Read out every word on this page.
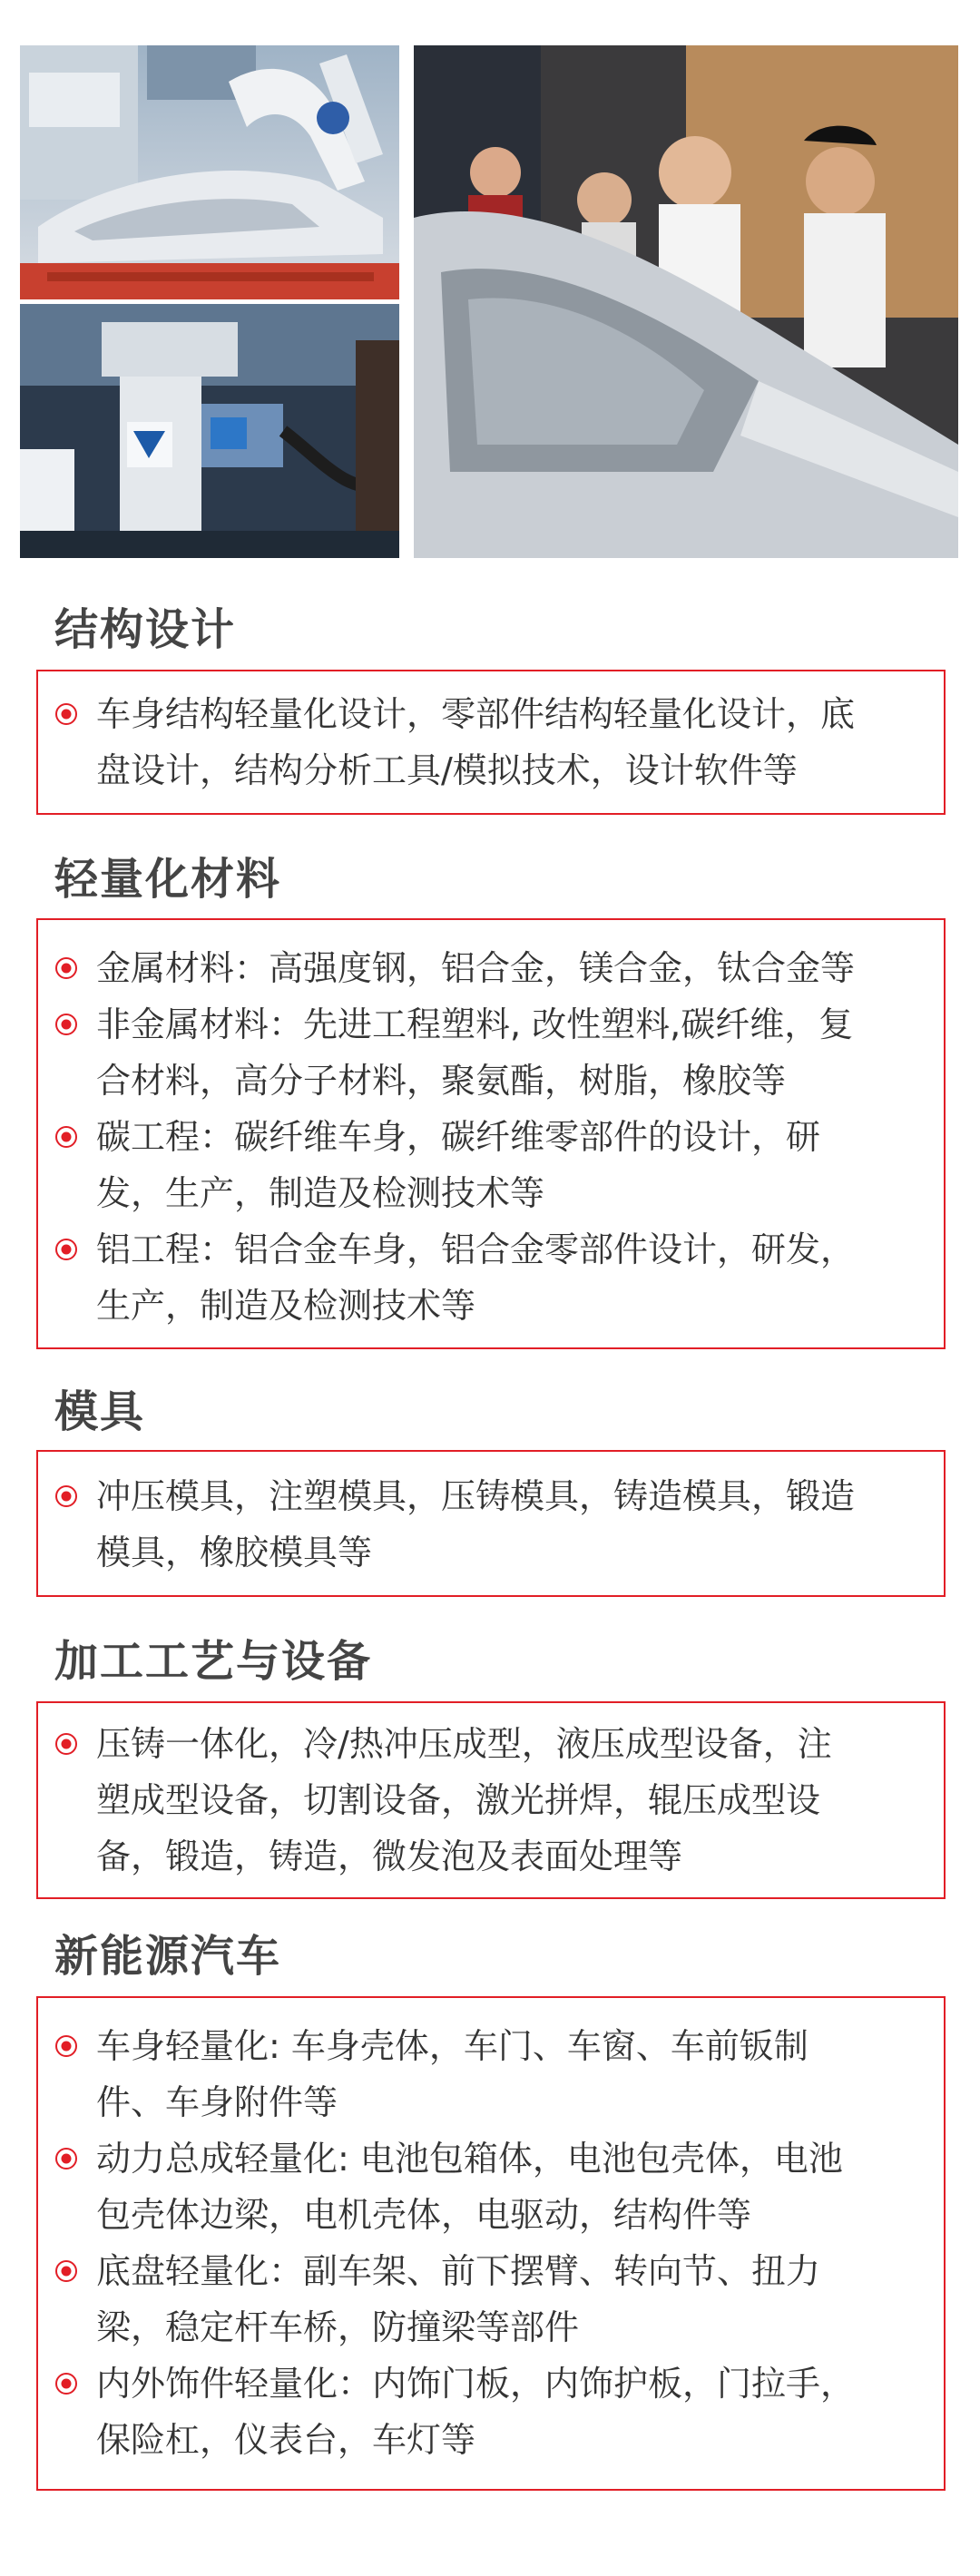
结构设计
车身结构轻量化设计，零部件结构轻量化设计，底
盘设计，结构分析工具/模拟技术，设计软件等
轻量化材料
金属材料：高强度钢，铝合金，镁合金，钛合金等
非金属材料：先进工程塑料, 改性塑料,碳纤维，复
合材料，高分子材料，聚氨酯，树脂，橡胶等
碳工程：碳纤维车身，碳纤维零部件的设计，研
发，生产，制造及检测技术等
铝工程：铝合金车身，铝合金零部件设计，研发，
生产，制造及检测技术等
模具
冲压模具，注塑模具，压铸模具，铸造模具，锻造
模具，橡胶模具等
加工工艺与设备
压铸一体化，冷/热冲压成型，液压成型设备，注
塑成型设备，切割设备，激光拼焊，辊压成型设
备，锻造，铸造，微发泡及表面处理等
新能源汽车
车身轻量化: 车身壳体，车门、车窗、车前钣制
件、车身附件等
动力总成轻量化: 电池包箱体，电池包壳体，电池
包壳体边梁，电机壳体，电驱动，结构件等
底盘轻量化：副车架、前下摆臂、转向节、扭力
梁，稳定杆车桥，防撞梁等部件
内外饰件轻量化：内饰门板，内饰护板，门拉手，
保险杠，仪表台，车灯等
